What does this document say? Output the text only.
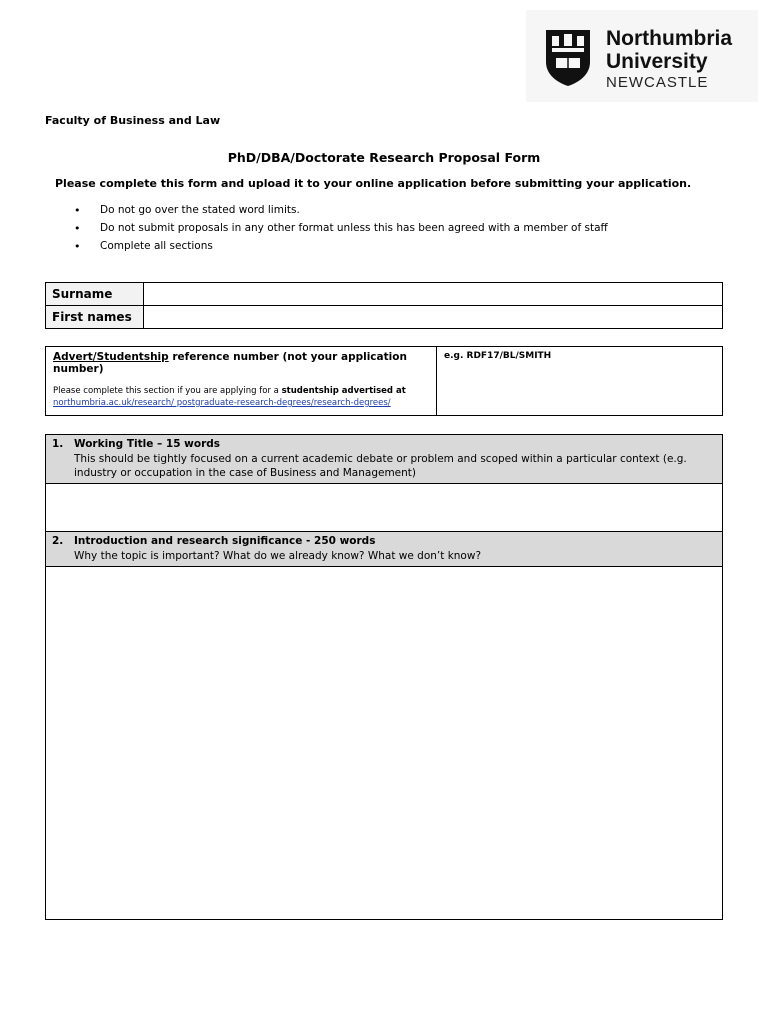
Northumbria
University
NEWCASTLE
Faculty of Business and Law
PhD/DBA/Doctorate Research Proposal Form
Please complete this form and upload it to your online application before submitting your application.
•	Do not go over the stated word limits.
•	Do not submit proposals in any other format unless this has been agreed with a member of staff
•	Complete all sections
Surname	
First names	
Advert/Studentship reference number (not your application number)
Please complete this section if you are applying for a studentship advertised at
northumbria.ac.uk/research/ postgraduate-research-degrees/research-degrees/
	e.g. RDF17/BL/SMITH
1. Working Title – 15 words
This should be tightly focused on a current academic debate or problem and scoped within a particular context (e.g. industry or occupation in the case of Business and Management)

2. Introduction and research significance - 250 words
Why the topic is important? What do we already know? What we don’t know?
